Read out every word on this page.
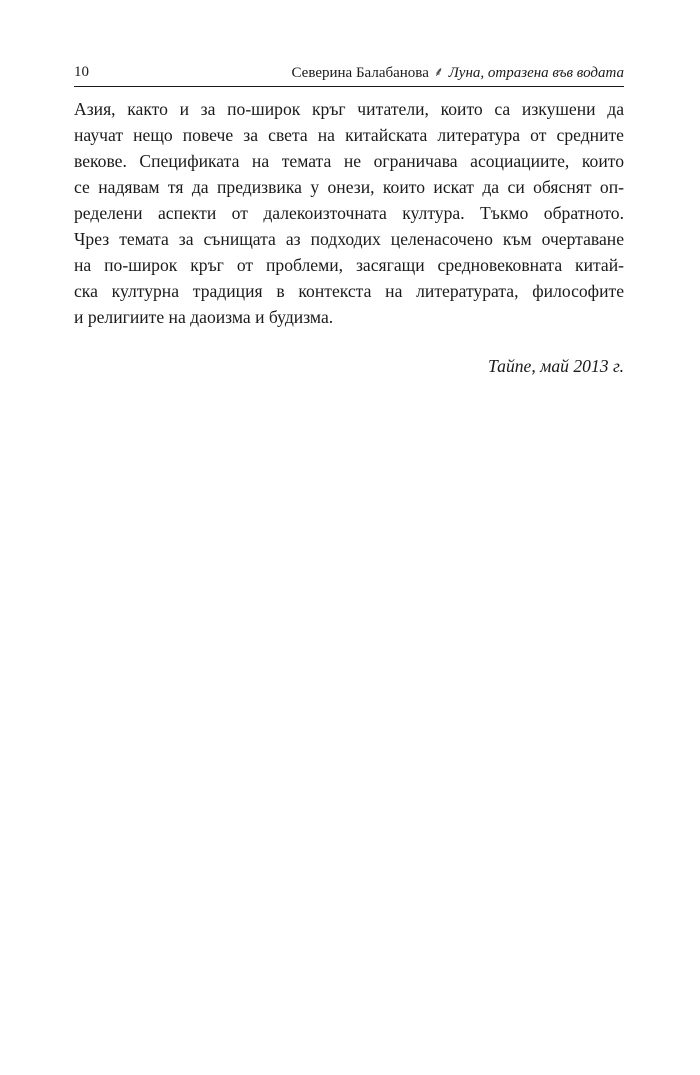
10	Северина Балабанова ⸙ Луна, отразена във водата
Азия, както и за по-широк кръг читатели, които са изкушени да
научат нещо повече за света на китайската литература от средните
векове. Спецификата на темата не ограничава асоциациите, които
се надявам тя да предизвика у онези, които искат да си обяснят оп-
ределени аспекти от далекоизточната култура. Тъкмо обратното.
Чрез темата за сънищата аз подходих целенасочено към очертаване
на по-широк кръг от проблеми, засягащи средновековната китай-
ска културна традиция в контекста на литературата, философите
и религиите на даоизма и будизма.
Тайпе, май 2013 г.
